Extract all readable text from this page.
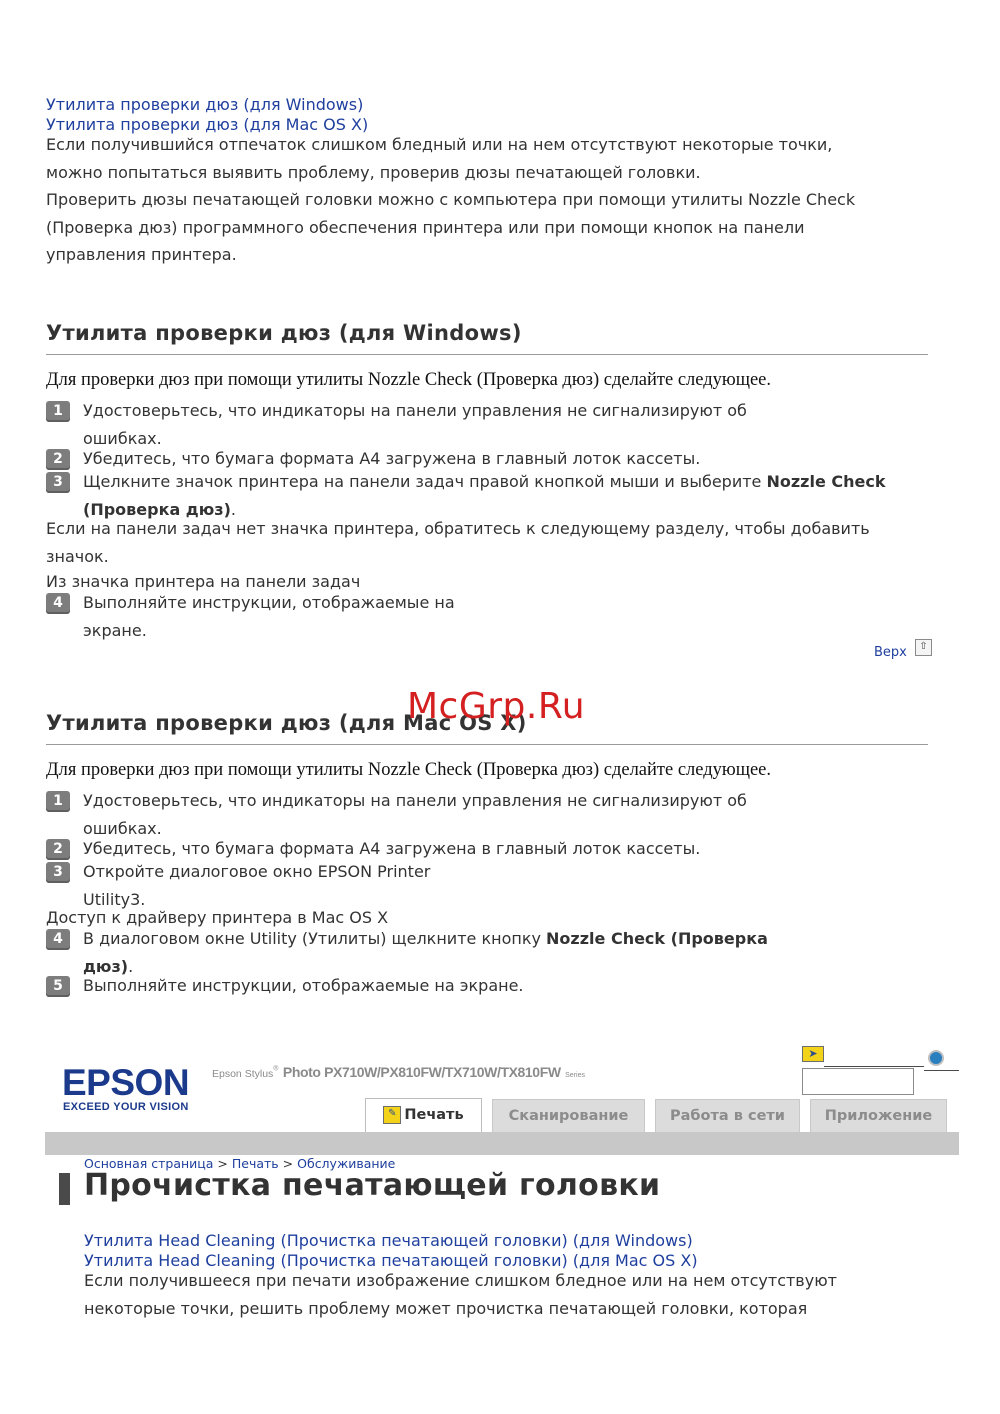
Утилита проверки дюз (для Windows)
Утилита проверки дюз (для Mac OS X)
Если получившийся отпечаток слишком бледный или на нем отсутствуют некоторые точки,
можно попытаться выявить проблему, проверив дюзы печатающей головки.
Проверить дюзы печатающей головки можно с компьютера при помощи утилиты Nozzle Check
(Проверка дюз) программного обеспечения принтера или при помощи кнопок на панели
управления принтера.
Утилита проверки дюз (для Windows)
Для проверки дюз при помощи утилиты Nozzle Check (Проверка дюз) сделайте следующее.
1	Удостоверьтесь, что индикаторы на панели управления не сигнализируют об
ошибках.
2	Убедитесь, что бумага формата А4 загружена в главный лоток кассеты.
3	Щелкните значок принтера на панели задач правой кнопкой мыши и выберите Nozzle Check
(Проверка дюз).
Если на панели задач нет значка принтера, обратитесь к следующему разделу, чтобы добавить
значок.
Из значка принтера на панели задач
4	Выполняйте инструкции, отображаемые на
экране.
Верх ⇧
Утилита проверки дюз (для Mac OS X)
McGrp.Ru
Для проверки дюз при помощи утилиты Nozzle Check (Проверка дюз) сделайте следующее.
1	Удостоверьтесь, что индикаторы на панели управления не сигнализируют об
ошибках.
2	Убедитесь, что бумага формата А4 загружена в главный лоток кассеты.
3	Откройте диалоговое окно EPSON Printer
Utility3.
Доступ к драйверу принтера в Mac OS X
4	В диалоговом окне Utility (Утилиты) щелкните кнопку Nozzle Check (Проверка
дюз).
5	Выполняйте инструкции, отображаемые на экране.
EPSON
EXCEED YOUR VISION
Epson Stylus® Photo PX710W/PX810FW/TX710W/TX810FW Series
➤
✎ Печать	Сканирование	Работа в сети	Приложение
Основная страница > Печать > Обслуживание
Прочистка печатающей головки
Утилита Head Cleaning (Прочистка печатающей головки) (для Windows)
Утилита Head Cleaning (Прочистка печатающей головки) (для Mac OS X)
Если получившееся при печати изображение слишком бледное или на нем отсутствуют
некоторые точки, решить проблему может прочистка печатающей головки, которая
